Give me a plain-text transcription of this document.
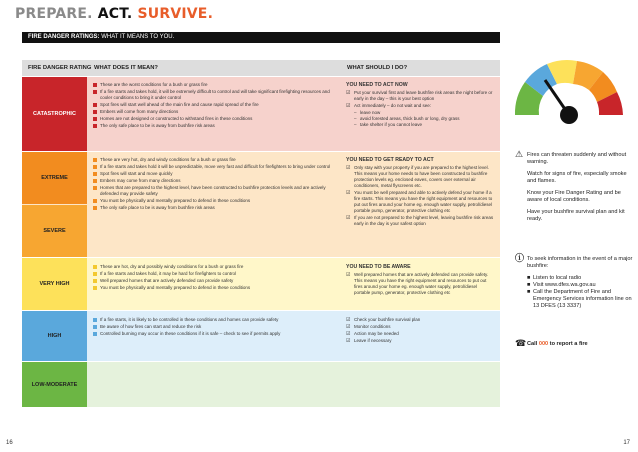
PREPARE. ACT. SURVIVE.
FIRE DANGER RATINGS: WHAT IT MEANS TO YOU.
FIRE DANGER RATING WHAT DOES IT MEAN?	WHAT SHOULD I DO?
CATASTROPHIC
EXTREME
SEVERE
VERY HIGH
HIGH
LOW-MODERATE
These are the worst conditions for a bush or grass fire
If a fire starts and takes hold, it will be extremely difficult to control and will take significant firefighting resources and cooler conditions to bring it under control
Spot fires will start well ahead of the main fire and cause rapid spread of the fire
Embers will come from many directions
Homes are not designed or constructed to withstand fires in these conditions
The only safe place to be is away from bushfire risk areas
YOU NEED TO ACT NOW
☑ Put your survival first and leave bushfire risk areas the night before or early in the day – this is your best option
☑ Act immediately – do not wait and see:
– leave now
– avoid forested areas, thick bush or long, dry grass
– take shelter if you cannot leave
These are very hot, dry and windy conditions for a bush or grass fire
If a fire starts and takes hold it will be unpredictable, move very fast and difficult for firefighters to bring under control
Spot fires will start and move quickly
Embers may come from many directions
Homes that are prepared to the highest level, have been constructed to bushfire protection levels and are actively defended may provide safety
You must be physically and mentally prepared to defend in these conditions
The only safe place to be is away from bushfire risk areas
YOU NEED TO GET READY TO ACT
☑ Only stay with your property if you are prepared to the highest level. This means your home needs to have been constructed to bushfire protection levels eg. enclosed eaves, covers over external air conditioners, metal flyscreens etc.
☑ You must be well prepared and able to actively defend your home if a fire starts. This means you have the right equipment and resources to put out fires around your home eg. enough water supply, petrol/diesel portable pump, generator, protective clothing etc
☑ If you are not prepared to the highest level, leaving bushfire risk areas early in the day is your safest option
These are hot, dry and possibly windy conditions for a bush or grass fire
If a fire starts and takes hold, it may be hard for firefighters to control
Well prepared homes that are actively defended can provide safety
You must be physically and mentally prepared to defend in these conditions
YOU NEED TO BE AWARE
☑ Well prepared homes that are actively defended can provide safety. This means you have the right equipment and resources to put out fires around your home eg. enough water supply, petrol/diesel portable pump, generator, protective clothing etc
If a fire starts, it is likely to be controlled in these conditions and homes can provide safety
Be aware of how fires can start and reduce the risk
Controlled burning may occur in these conditions if it is safe – check to see if permits apply
☑ Check your bushfire survival plan
☑ Monitor conditions
☑ Action may be needed
☑ Leave if necessary
⚠ Fires can threaten suddenly and without warning.

Watch for signs of fire, especially smoke and flames.

Know your Fire Danger Rating and be aware of local conditions.

Have your bushfire survival plan and kit ready.

ⓘ To seek information in the event of a major bushfire:

■ Listen to local radio

■ Visit www.dfes.wa.gov.au

■ Call the Department of Fire and Emergency Services information line on 13 DFES (13 3337)

☎ Call 000 to report a fire

16	17
